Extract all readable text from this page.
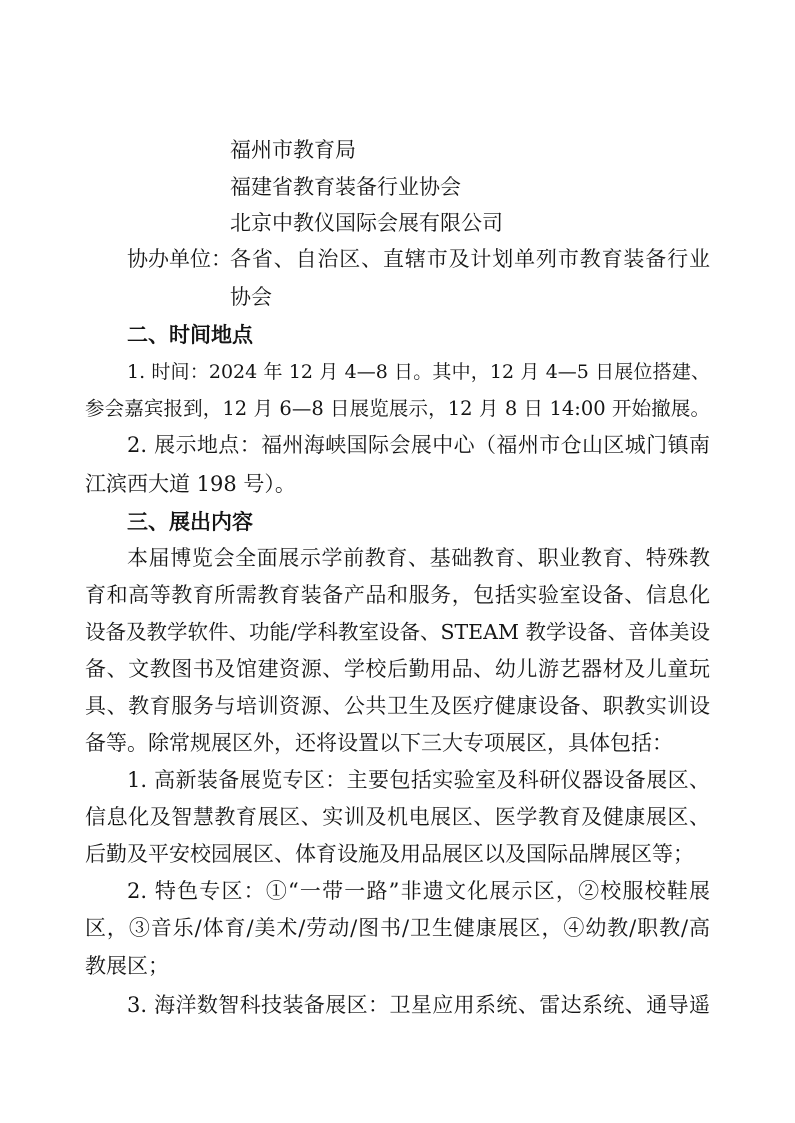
福州市教育局
福建省教育装备行业协会
北京中教仪国际会展有限公司
协办单位：
各省、自治区、直辖市及计划单列市教育装备行业
协会
二、时间地点
1. 时间：2024 年 12 月 4—8 日。其中，12 月 4—5 日展位搭建、
参会嘉宾报到，12 月 6—8 日展览展示，12 月 8 日 14:00 开始撤展。
2. 展示地点：福州海峡国际会展中心（福州市仓山区城门镇南
江滨西大道 198 号）。
三、展出内容
本届博览会全面展示学前教育、基础教育、职业教育、特殊教
育和高等教育所需教育装备产品和服务，包括实验室设备、信息化
设备及教学软件、功能/学科教室设备、STEAM 教学设备、音体美设
备、文教图书及馆建资源、学校后勤用品、幼儿游艺器材及儿童玩
具、教育服务与培训资源、公共卫生及医疗健康设备、职教实训设
备等。除常规展区外，还将设置以下三大专项展区，具体包括：
1. 高新装备展览专区：主要包括实验室及科研仪器设备展区、
信息化及智慧教育展区、实训及机电展区、医学教育及健康展区、
后勤及平安校园展区、体育设施及用品展区以及国际品牌展区等；
2. 特色专区：①“一带一路”非遗文化展示区，②校服校鞋展
区，③音乐/体育/美术/劳动/图书/卫生健康展区，④幼教/职教/高
教展区；
3. 海洋数智科技装备展区：卫星应用系统、雷达系统、通导遥
